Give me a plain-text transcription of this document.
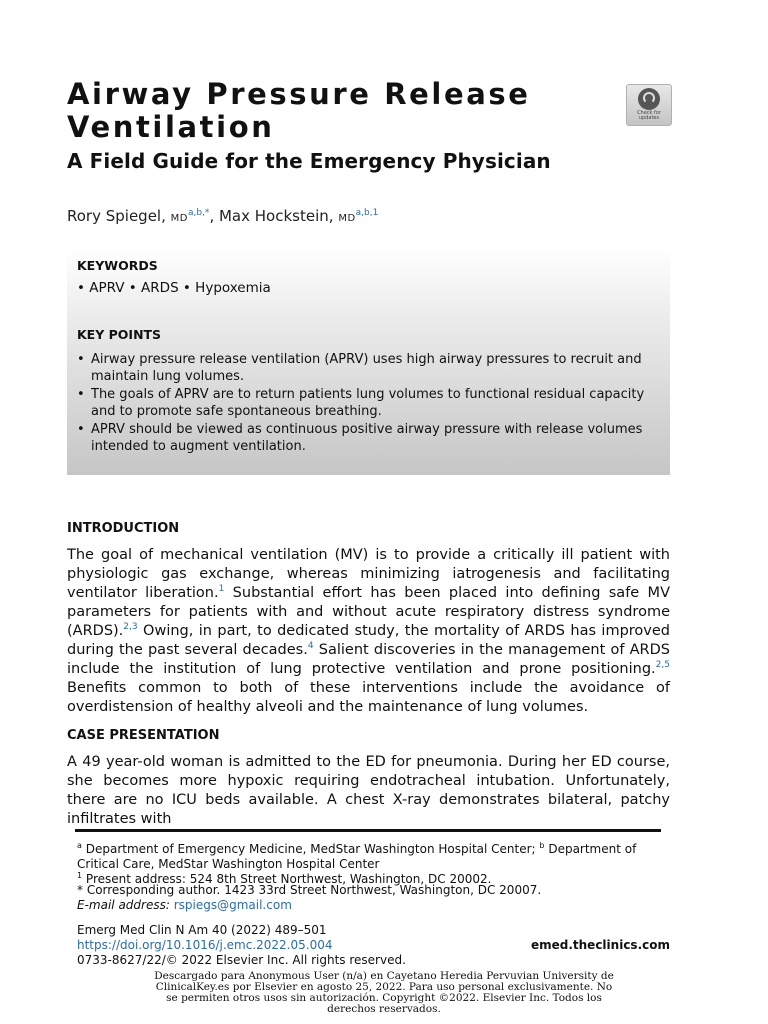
Airway Pressure Release Ventilation
A Field Guide for the Emergency Physician
Check for updates
Rory Spiegel, $MD^{a,b,*}$, Max Hockstein, MD$^{a,b,1}$
KEYWORDS
• APRV • ARDS • Hypoxemia
KEY POINTS
• Airway pressure release ventilation (APRV) uses high airway pressures to recruit and maintain lung volumes.
• The goals of APRV are to return patients lung volumes to functional residual capacity and to promote safe spontaneous breathing.
• APRV should be viewed as continuous positive airway pressure with release volumes intended to augment ventilation.
INTRODUCTION
The goal of mechanical ventilation (MV) is to provide a critically ill patient with physiologic gas exchange, whereas minimizing iatrogenesis and facilitating ventilator liberation.$^1$ Substantial effort has been placed into defining safe MV parameters for patients with and without acute respiratory distress syndrome (ARDS).$^{2,3}$ Owing, in part, to dedicated study, the mortality of ARDS has improved during the past several decades.$^4$ Salient discoveries in the management of ARDS include the institution of lung protective ventilation and prone positioning.$^{2,5}$ Benefits common to both of these interventions include the avoidance of overdistension of healthy alveoli and the maintenance of lung volumes.
CASE PRESENTATION
A 49 year-old woman is admitted to the ED for pneumonia. During her ED course, she becomes more hypoxic requiring endotracheal intubation. Unfortunately, there are no ICU beds available. A chest X-ray demonstrates bilateral, patchy infiltrates with
$^a$ Department of Emergency Medicine, MedStar Washington Hospital Center; $^b$ Department of Critical Care, MedStar Washington Hospital Center
$^1$ Present address: 524 8th Street Northwest, Washington, DC 20002.
* Corresponding author. 1423 33rd Street Northwest, Washington, DC 20007.
E-mail address: rspiegs@gmail.com
Emerg Med Clin N Am 40 (2022) 489–501
https://doi.org/10.1016/j.emc.2022.05.004
0733-8627/22/© 2022 Elsevier Inc. All rights reserved.
emed.theclinics.com
Descargado para Anonymous User (n/a) en Cayetano Heredia Pervuvian University de ClinicalKey.es por Elsevier en agosto 25, 2022. Para uso personal exclusivamente. No se permiten otros usos sin autorización. Copyright ©2022. Elsevier Inc. Todos los derechos reservados.
